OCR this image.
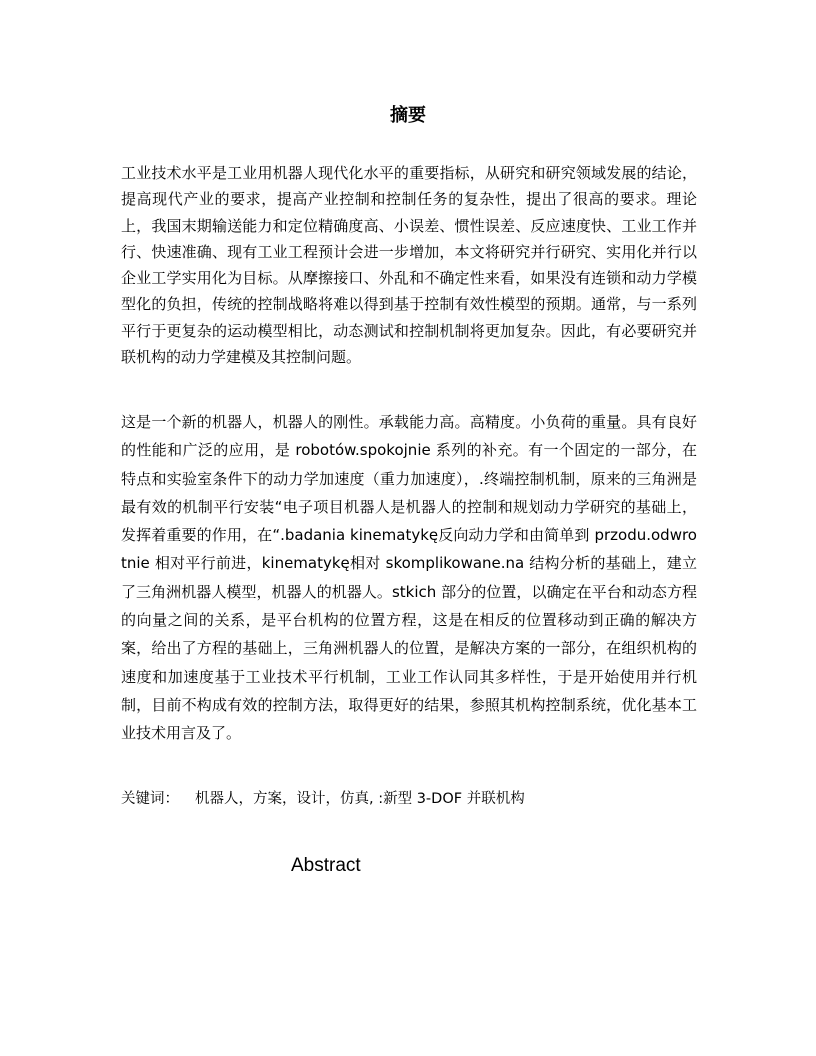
摘要
工业技术水平是工业用机器人现代化水平的重要指标，从研究和研究领域发展的结论，提高现代产业的要求，提高产业控制和控制任务的复杂性，提出了很高的要求。理论上，我国末期输送能力和定位精确度高、小误差、惯性误差、反应速度快、工业工作并行、快速准确、现有工业工程预计会进一步增加，本文将研究并行研究、实用化并行以企业工学实用化为目标。从摩擦接口、外乱和不确定性来看，如果没有连锁和动力学模型化的负担，传统的控制战略将难以得到基于控制有效性模型的预期。通常，与一系列平行于更复杂的运动模型相比，动态测试和控制机制将更加复杂。因此，有必要研究并联机构的动力学建模及其控制问题。
这是一个新的机器人，机器人的刚性。承载能力高。高精度。小负荷的重量。具有良好的性能和广泛的应用，是 robotów.spokojnie 系列的补充。有一个固定的一部分，在特点和实验室条件下的动力学加速度（重力加速度），.终端控制机制，原来的三角洲是最有效的机制平行安装“电子项目机器人是机器人的控制和规划动力学研究的基础上，发挥着重要的作用，在“.badania kinematykę反向动力学和由简单到 przodu.odwrotnie 相对平行前进，kinematykę相对 skomplikowane.na 结构分析的基础上，建立了三角洲机器人模型，机器人的机器人。stkich 部分的位置，以确定在平台和动态方程的向量之间的关系，是平台机构的位置方程，这是在相反的位置移动到正确的解决方案，给出了方程的基础上，三角洲机器人的位置，是解决方案的一部分，在组织机构的速度和加速度基于工业技术平行机制，工业工作认同其多样性，于是开始使用并行机制，目前不构成有效的控制方法，取得更好的结果，参照其机构控制系统，优化基本工业技术用言及了。
关键词： 机器人，方案，设计，仿真, :新型 3-DOF 并联机构
Abstract
